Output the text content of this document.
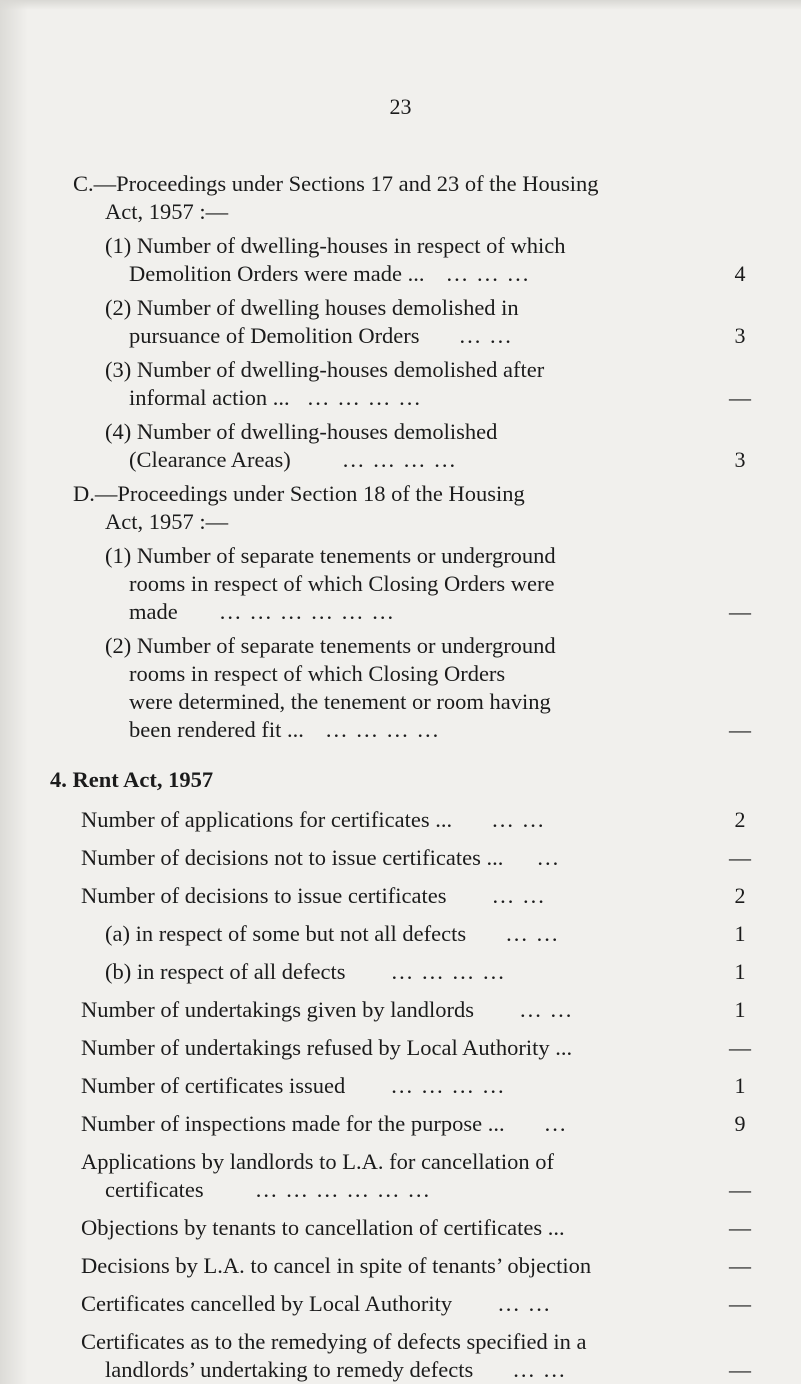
23
C.—Proceedings under Sections 17 and 23 of the Housing
Act, 1957 :—
(1) Number of dwelling-houses in respect of which
Demolition Orders were made ... ... ... ...	4
(2) Number of dwelling houses demolished in
pursuance of Demolition Orders ... ...	3
(3) Number of dwelling-houses demolished after
informal action ... ... ... ... ...	—
(4) Number of dwelling-houses demolished
(Clearance Areas) ... ... ... ...	3
D.—Proceedings under Section 18 of the Housing
Act, 1957 :—
(1) Number of separate tenements or underground
rooms in respect of which Closing Orders were
made ... ... ... ... ... ...	—
(2) Number of separate tenements or underground
rooms in respect of which Closing Orders
were determined, the tenement or room having
been rendered fit ... ... ... ... ...	—
4. Rent Act, 1957
Number of applications for certificates ... ... ...	2
Number of decisions not to issue certificates ... ...	—
Number of decisions to issue certificates ... ...	2
(a) in respect of some but not all defects ... ...	1
(b) in respect of all defects ... ... ... ...	1
Number of undertakings given by landlords ... ...	1
Number of undertakings refused by Local Authority ...	—
Number of certificates issued ... ... ... ...	1
Number of inspections made for the purpose ... ...	9
Applications by landlords to L.A. for cancellation of
certificates ... ... ... ... ... ...	—
Objections by tenants to cancellation of certificates ...	—
Decisions by L.A. to cancel in spite of tenants’ objection	—
Certificates cancelled by Local Authority ... ...	—
Certificates as to the remedying of defects specified in a
landlords’ undertaking to remedy defects ... ...	—
